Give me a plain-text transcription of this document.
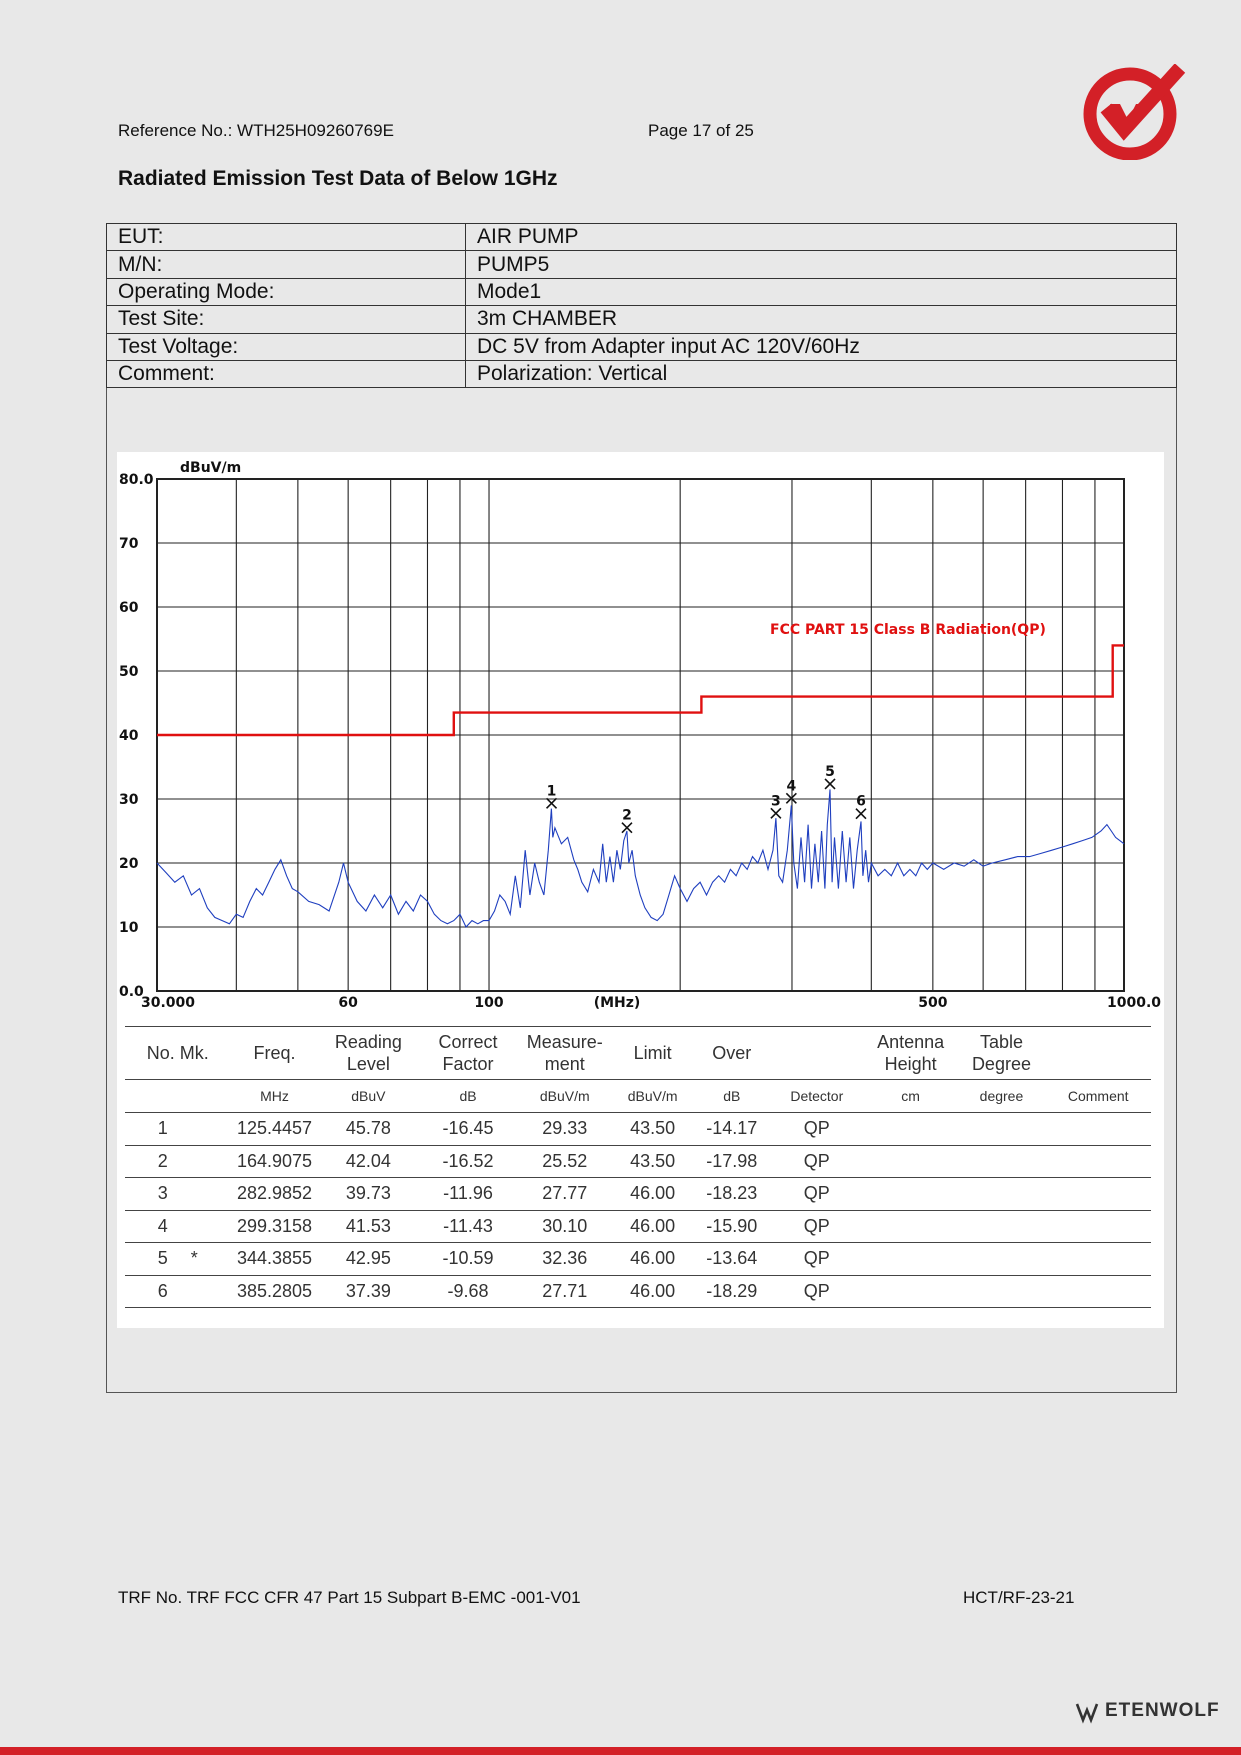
Reference No.: WTH25H09260769E	Page 17 of 25
Radiated Emission Test Data of Below 1GHz
EUT:	AIR PUMP
M/N:	PUMP5
Operating Mode:	Mode1
Test Site:	3m CHAMBER
Test Voltage:	DC 5V from Adapter input AC 120V/60Hz
Comment:	Polarization: Vertical
0.0
10
20
30
40
50
60
70
80.0
30.000	60	100	500	1000.0
(MHz)
dBuV/m
FCC PART 15 Class B Radiation(QP)
1
2
3
4
5
6
No. Mk.	Freq.	Reading Level	Correct Factor	Measure- ment	Limit	Over		Antenna Height	Table Degree	
	MHz	dBuV	dB	dBuV/m	dBuV/m	dB	Detector	cm	degree	Comment
1	125.4457	45.78	-16.45	29.33	43.50	-14.17	QP			
2	164.9075	42.04	-16.52	25.52	43.50	-17.98	QP			
3	282.9852	39.73	-11.96	27.77	46.00	-18.23	QP			
4	299.3158	41.53	-11.43	30.10	46.00	-15.90	QP			
5 *	344.3855	42.95	-10.59	32.36	46.00	-13.64	QP			
6	385.2805	37.39	-9.68	27.71	46.00	-18.29	QP			
TRF No. TRF FCC CFR 47 Part 15 Subpart B-EMC -001-V01	HCT/RF-23-21
ETENWOLF
